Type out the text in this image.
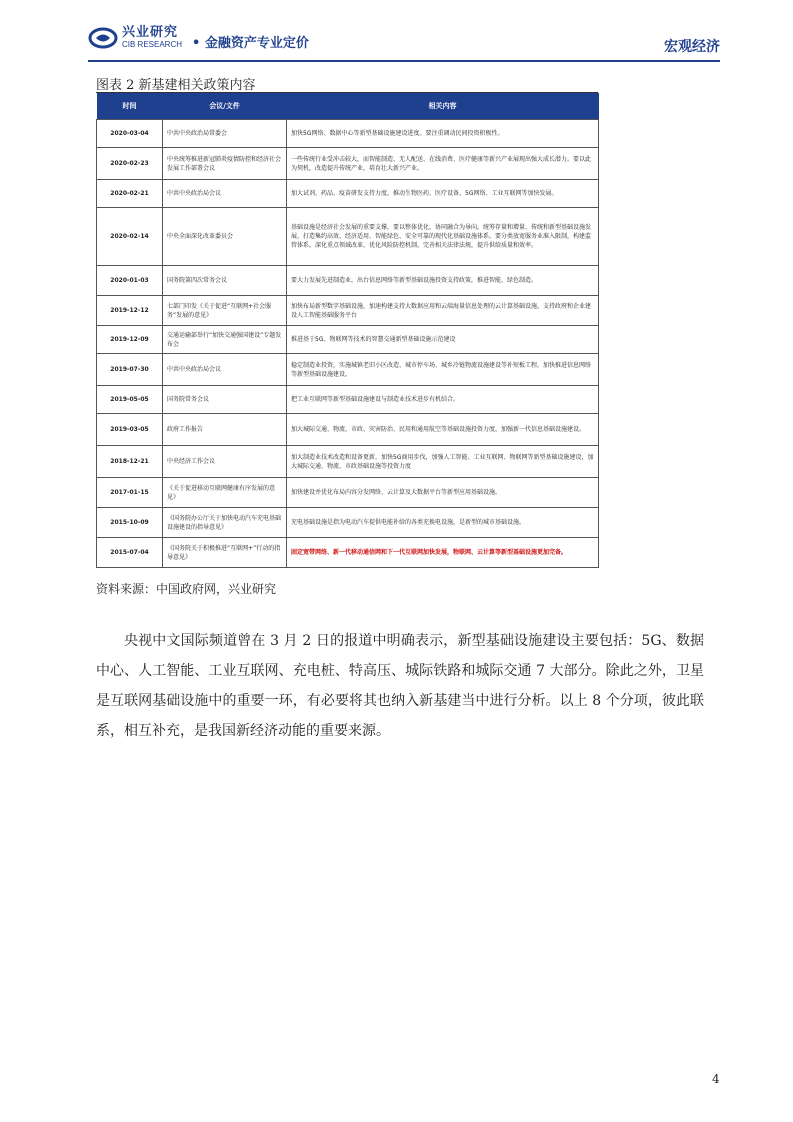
兴业研究
CIB RESEARCH • 金融资产专业定价	宏观经济
图表 2 新基建相关政策内容
时间	会议/文件	相关内容
2020-03-04	中共中央政治局常委会	加快5G网络、数据中心等新型基础设施建设进度。要注重调动民间投资积极性。
2020-02-23	中央统筹推进新冠肺炎疫情防控和经济社会发展工作部署会议	一些传统行业受冲击较大，而智能制造、无人配送、在线消费、医疗健康等新兴产业展现出强大成长潜力。要以此为契机，改造提升传统产业，培育壮大新兴产业。
2020-02-21	中共中央政治局会议	加大试剂、药品、疫苗研发支持力度，推动生物医药、医疗设备、5G网络、工业互联网等加快发展。
2020-02-14	中央全面深化改革委员会	基础设施是经济社会发展的重要支撑，要以整体优化、协同融合为导向，统筹存量和增量、传统和新型基础设施发展，打造集约高效、经济适用、智能绿色、安全可靠的现代化基础设施体系。要分类放宽服务业准入限制，构建监管体系，深化重点领域改革，优化风险防控机制，完善相关法律法规，提升供给质量和效率。
2020-01-03	国务院第四次常务会议	要大力发展先进制造业，出台信息网络等新型基础设施投资支持政策，推进智能、绿色制造。
2019-12-12	七部门印发《关于促进“互联网+社会服务”发展的意见》	加快布局新型数字基础设施，加速构建支持大数据应用和云端海量信息处理的云计算基础设施，支持政府和企业建设人工智能基础服务平台
2019-12-09	交通运输部举行“加快交通强国建设”专题发布会	推进基于5G、物联网等技术的智慧交通新型基础设施示范建设
2019-07-30	中共中央政治局会议	稳定制造业投资，实施城镇老旧小区改造、城市停车场、城乡冷链物流设施建设等补短板工程，加快推进信息网络等新型基础设施建设。
2019-05-05	国务院常务会议	把工业互联网等新型基础设施建设与制造业技术进步有机结合。
2019-03-05	政府工作报告	加大城际交通、物流、市政、灾害防治、民用和通用航空等基础设施投资力度，加强新一代信息基础设施建设。
2018-12-21	中央经济工作会议	加大制造业技术改造和设备更新，加快5G商用步伐，加强人工智能、工业互联网、物联网等新型基础设施建设，加大城际交通、物流、市政基础设施等投资力度
2017-01-15	《关于促进移动互联网健康有序发展的意见》	加快建设并优化布局内容分发网络、云计算及大数据平台等新型应用基础设施。
2015-10-09	《国务院办公厅关于加快电动汽车充电基础设施建设的指导意见》	充电基础设施是指为电动汽车提供电能补给的各类充换电设施，是新型的城市基础设施。
2015-07-04	《国务院关于积极推进“互联网+”行动的指导意见》	固定宽带网络、新一代移动通信网和下一代互联网加快发展，物联网、云计算等新型基础设施更加完备。
资料来源：中国政府网，兴业研究
央视中文国际频道曾在 3 月 2 日的报道中明确表示，新型基础设施建设主要包括：5G、数据中心、人工智能、工业互联网、充电桩、特高压、城际铁路和城际交通 7 大部分。除此之外，卫星是互联网基础设施中的重要一环，有必要将其也纳入新基建当中进行分析。以上 8 个分项，彼此联系，相互补充，是我国新经济动能的重要来源。
4
